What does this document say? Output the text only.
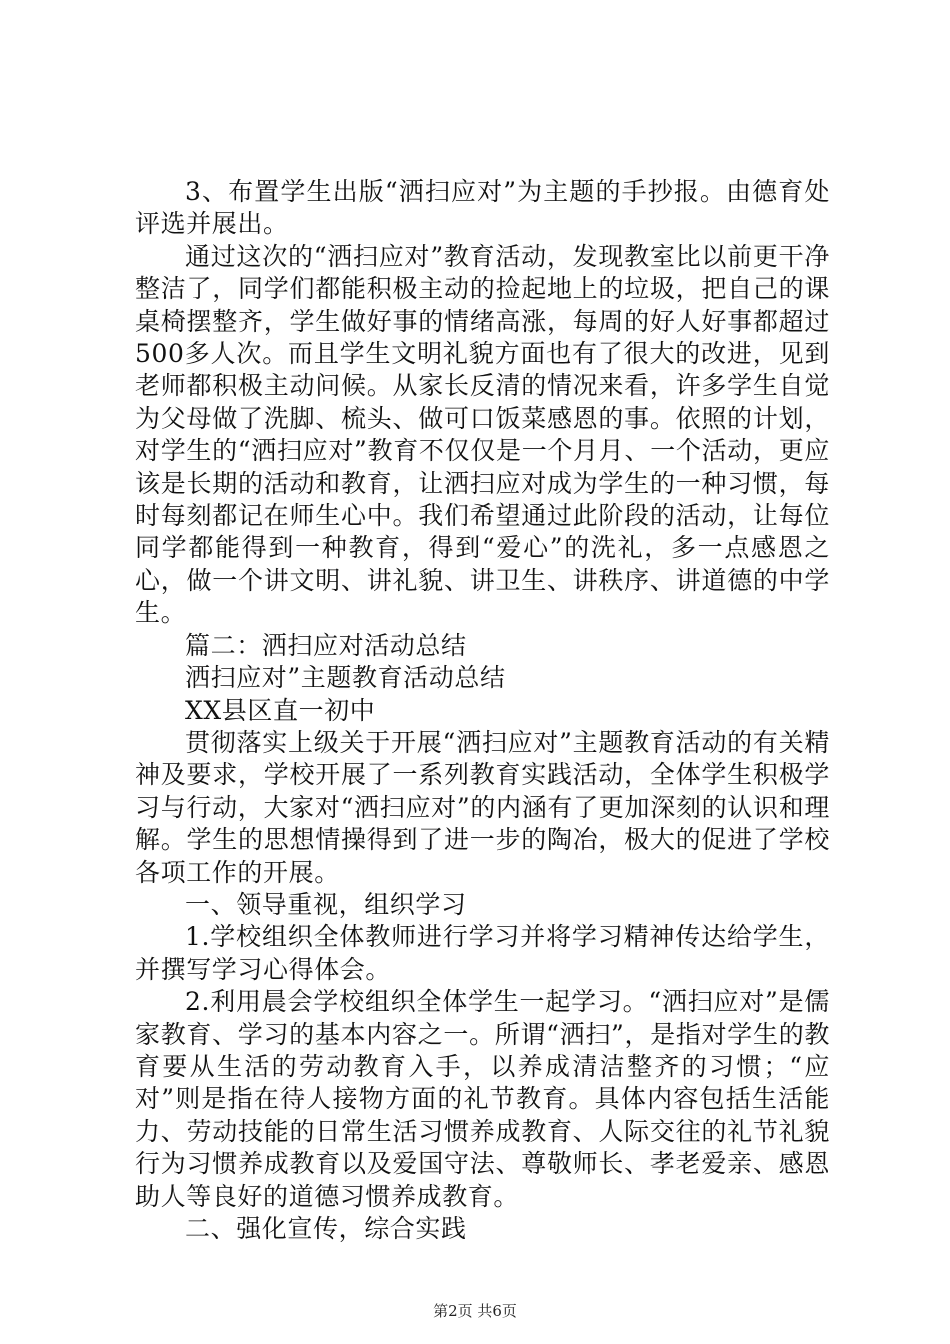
3、布置学生出版“洒扫应对”为主题的手抄报。由德育处评选并展出。

通过这次的“洒扫应对”教育活动，发现教室比以前更干净整洁了，同学们都能积极主动的捡起地上的垃圾，把自己的课桌椅摆整齐，学生做好事的情绪高涨，每周的好人好事都超过500多人次。而且学生文明礼貌方面也有了很大的改进，见到老师都积极主动问候。从家长反清的情况来看，许多学生自觉为父母做了洗脚、梳头、做可口饭菜感恩的事。依照的计划，对学生的“洒扫应对”教育不仅仅是一个月月、一个活动，更应该是长期的活动和教育，让洒扫应对成为学生的一种习惯，每时每刻都记在师生心中。我们希望通过此阶段的活动，让每位同学都能得到一种教育，得到“爱心”的洗礼，多一点感恩之心，做一个讲文明、讲礼貌、讲卫生、讲秩序、讲道德的中学生。

篇二：洒扫应对活动总结

洒扫应对”主题教育活动总结

XX县区直一初中

贯彻落实上级关于开展“洒扫应对”主题教育活动的有关精神及要求，学校开展了一系列教育实践活动，全体学生积极学习与行动，大家对“洒扫应对”的内涵有了更加深刻的认识和理解。学生的思想情操得到了进一步的陶冶，极大的促进了学校各项工作的开展。

一、领导重视，组织学习

1.学校组织全体教师进行学习并将学习精神传达给学生，并撰写学习心得体会。

2.利用晨会学校组织全体学生一起学习。“洒扫应对”是儒家教育、学习的基本内容之一。所谓“洒扫”，是指对学生的教育要从生活的劳动教育入手，以养成清洁整齐的习惯；“应对”则是指在待人接物方面的礼节教育。具体内容包括生活能力、劳动技能的日常生活习惯养成教育、人际交往的礼节礼貌行为习惯养成教育以及爱国守法、尊敬师长、孝老爱亲、感恩助人等良好的道德习惯养成教育。

二、强化宣传，综合实践

第2页 共6页
